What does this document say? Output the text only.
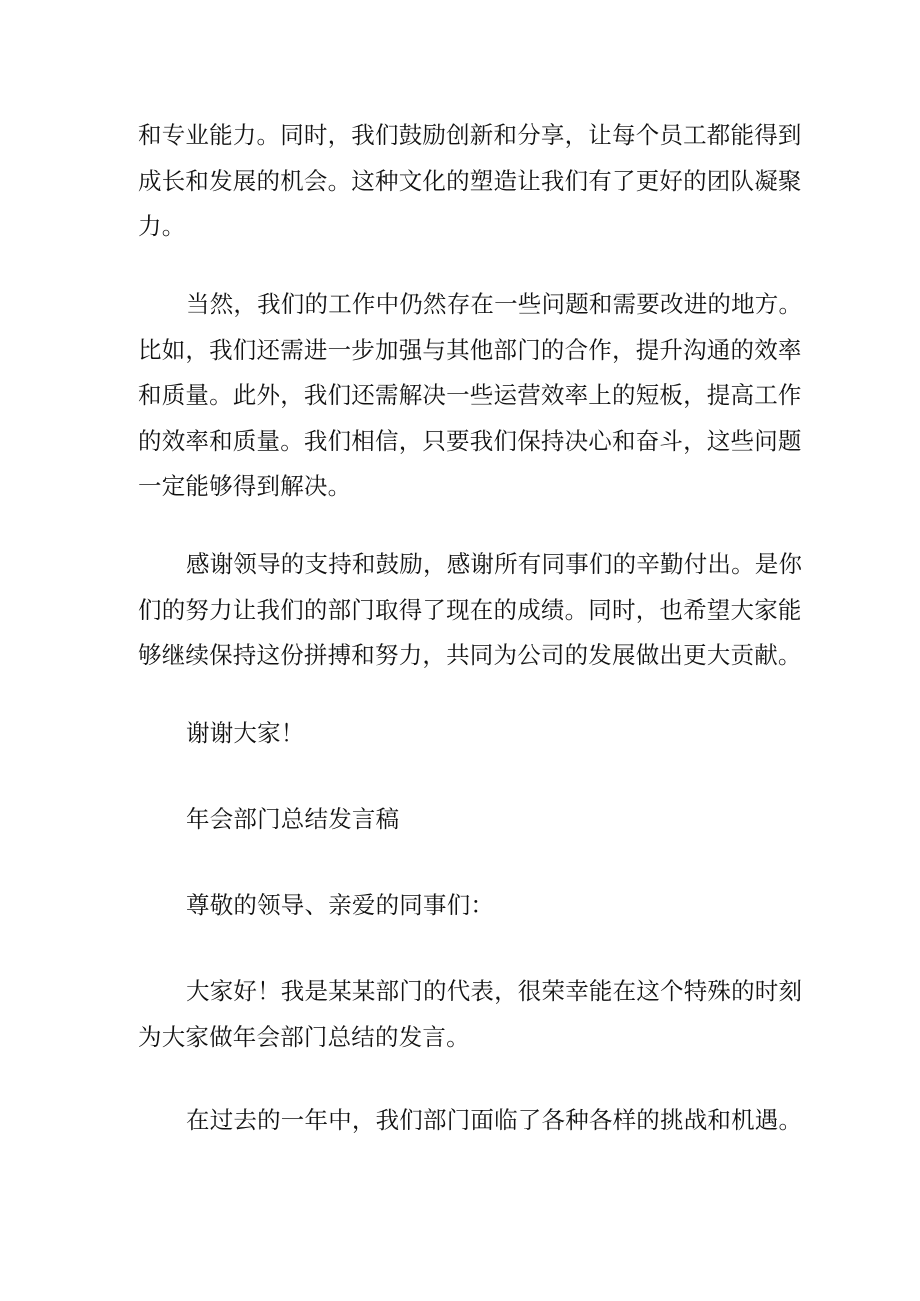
和专业能力。同时，我们鼓励创新和分享，让每个员工都能得到
成长和发展的机会。这种文化的塑造让我们有了更好的团队凝聚
力。

当然，我们的工作中仍然存在一些问题和需要改进的地方。
比如，我们还需进一步加强与其他部门的合作，提升沟通的效率
和质量。此外，我们还需解决一些运营效率上的短板，提高工作
的效率和质量。我们相信，只要我们保持决心和奋斗，这些问题
一定能够得到解决。

感谢领导的支持和鼓励，感谢所有同事们的辛勤付出。是你
们的努力让我们的部门取得了现在的成绩。同时，也希望大家能
够继续保持这份拼搏和努力，共同为公司的发展做出更大贡献。

谢谢大家！

年会部门总结发言稿

尊敬的领导、亲爱的同事们：

大家好！我是某某部门的代表，很荣幸能在这个特殊的时刻
为大家做年会部门总结的发言。

在过去的一年中，我们部门面临了各种各样的挑战和机遇。
